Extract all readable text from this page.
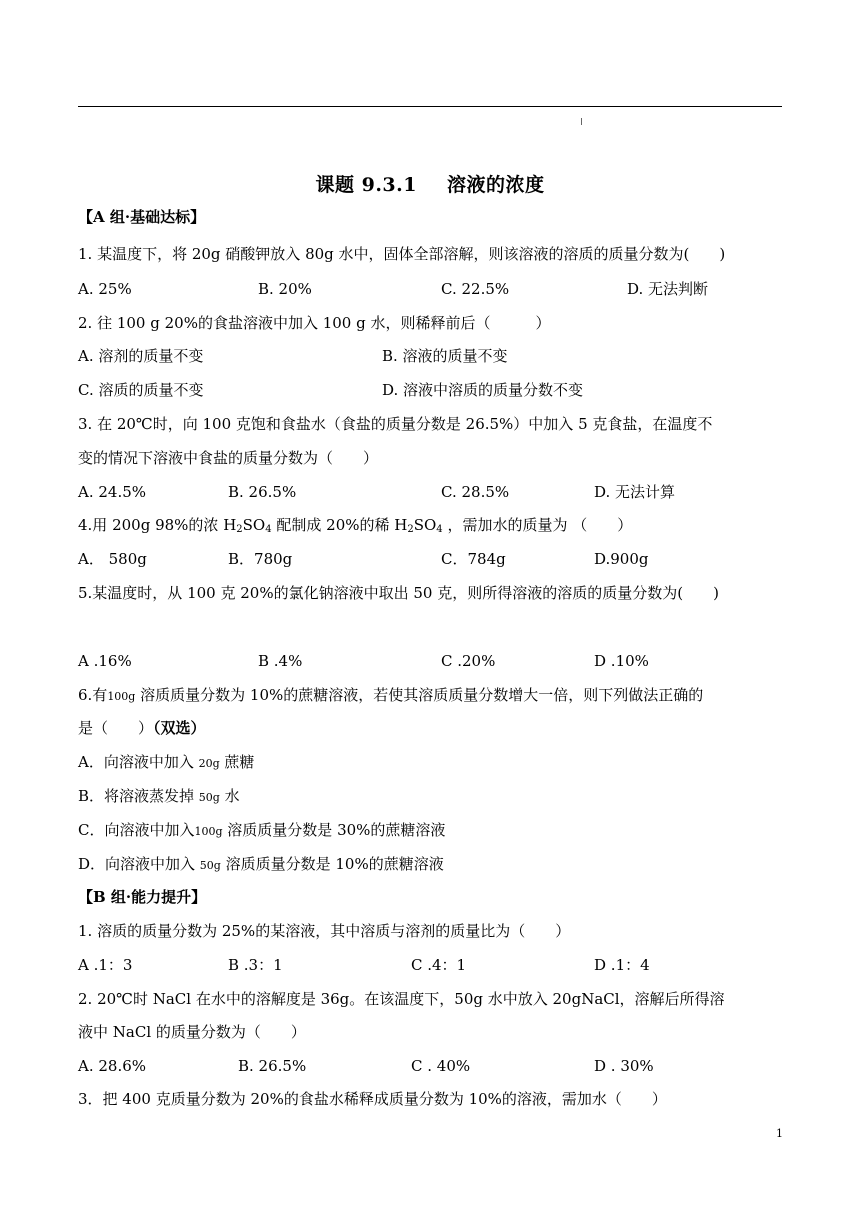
课题 9.3.1 溶液的浓度
【A 组·基础达标】
1. 某温度下，将 20g 硝酸钾放入 80g 水中，固体全部溶解，则该溶液的溶质的质量分数为(　　)
A. 25%	B. 20%	C. 22.5%	D. 无法判断
2. 往 100 g 20%的食盐溶液中加入 100 g 水，则稀释前后（　　　）
A. 溶剂的质量不变	B. 溶液的质量不变
C. 溶质的质量不变	D. 溶液中溶质的质量分数不变
3. 在 20℃时，向 100 克饱和食盐水（食盐的质量分数是 26.5%）中加入 5 克食盐，在温度不
变的情况下溶液中食盐的质量分数为（　　）
A. 24.5%	B. 26.5%	C. 28.5%	D. 无法计算
4.用 200g 98%的浓 $H_2SO_4$ 配制成 20%的稀 $H_2SO_4$ ，需加水的质量为 （　　）
A． 580g	B．780g	C．784g	D.900g
5.某温度时，从 100 克 20%的氯化钠溶液中取出 50 克，则所得溶液的溶质的质量分数为(　　)
A .16%	B .4%	C .20%	D .10%
6.有100g 溶质质量分数为 10%的蔗糖溶液，若使其溶质质量分数增大一倍，则下列做法正确的
是（　　）（双选）
A．向溶液中加入 20g 蔗糖
B．将溶液蒸发掉 50g 水
C．向溶液中加入100g 溶质质量分数是 30%的蔗糖溶液
D．向溶液中加入 50g 溶质质量分数是 10%的蔗糖溶液
【B 组·能力提升】
1. 溶质的质量分数为 25%的某溶液，其中溶质与溶剂的质量比为（　　）
A .1：3	B .3：1	C .4：1	D .1：4
2. 20℃时 NaCl 在水中的溶解度是 36g。在该温度下，50g 水中放入 20gNaCl，溶解后所得溶
液中 NaCl 的质量分数为（　　）
A. 28.6%	B. 26.5%	C . 40%	D . 30%
3．把 400 克质量分数为 20%的食盐水稀释成质量分数为 10%的溶液，需加水（　　）
1
